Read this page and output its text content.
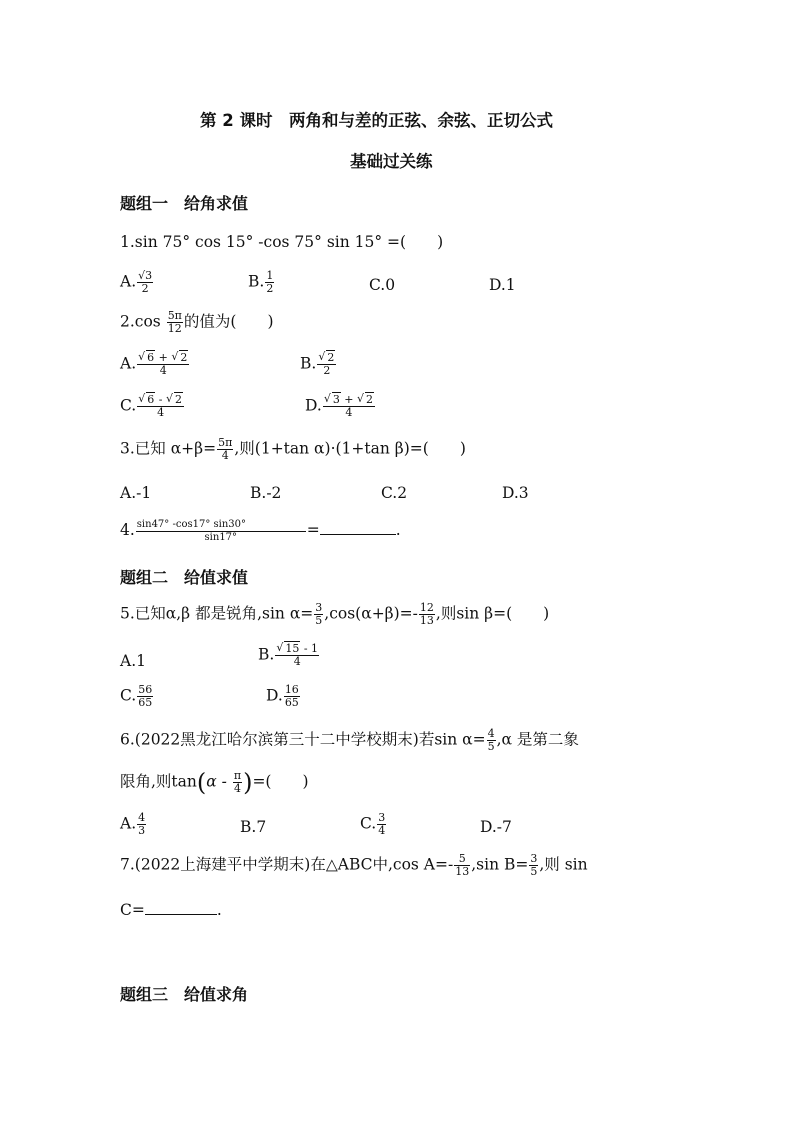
第 2 课时　两角和与差的正弦、余弦、正切公式
基础过关练
题组一　给角求值
1.sin 75° cos 15° -cos 75° sin 15° =(　　)
A. $\frac{√3}{2}$	B. $\frac{1}{2}$	C.0	D.1
$2.\cos \frac{5\pi}{12}$ 的值为(　　)
A. √ $\frac{6 + √ 2}{4}$	B. √ $\frac{2}{2}$
C. √ $\frac{6 - √ 2}{4}$	D. √ $\frac{3 + √ 2}{4}$
3.已知 $\alpha+\beta= \frac{5\pi}{4}$ ,则(1+tan α)·(1+tan β)=(　　)
A.-1	B.-2	C.2	D.3
4. $\frac{\sin 47^\circ -\cos 17^\circ \sin 30^\circ}{\sin 17^\circ}$ =	.
题组二　给值求值
5.已知α,β 都是锐角,sin $\alpha= \frac{3}{5} ,\cos(\alpha+\beta)=- \frac{12}{13}$ ,则sin β=(　　)
A.1	B. √ $\frac{15 - 1}{4}$
C. $\frac{56}{65}$	D. $\frac{16}{65}$
6.(2022黑龙江哈尔滨第三十二中学校期末)若$\sin \alpha= \frac{4}{5} ,\alpha$ 是第二象
限角,则$\tan(\alpha - \frac{\pi}{4}$ )=(　　)
A. $\frac{4}{3}$	B.7	C. $\frac{3}{4}$	D.-7
7.(2022上海建平中学期末)在△ABC中,cos $A=- \frac{5}{13} ,\sin$ $B= \frac{3}{5}$ ,则 sin
C=	.
题组三　给值求角
